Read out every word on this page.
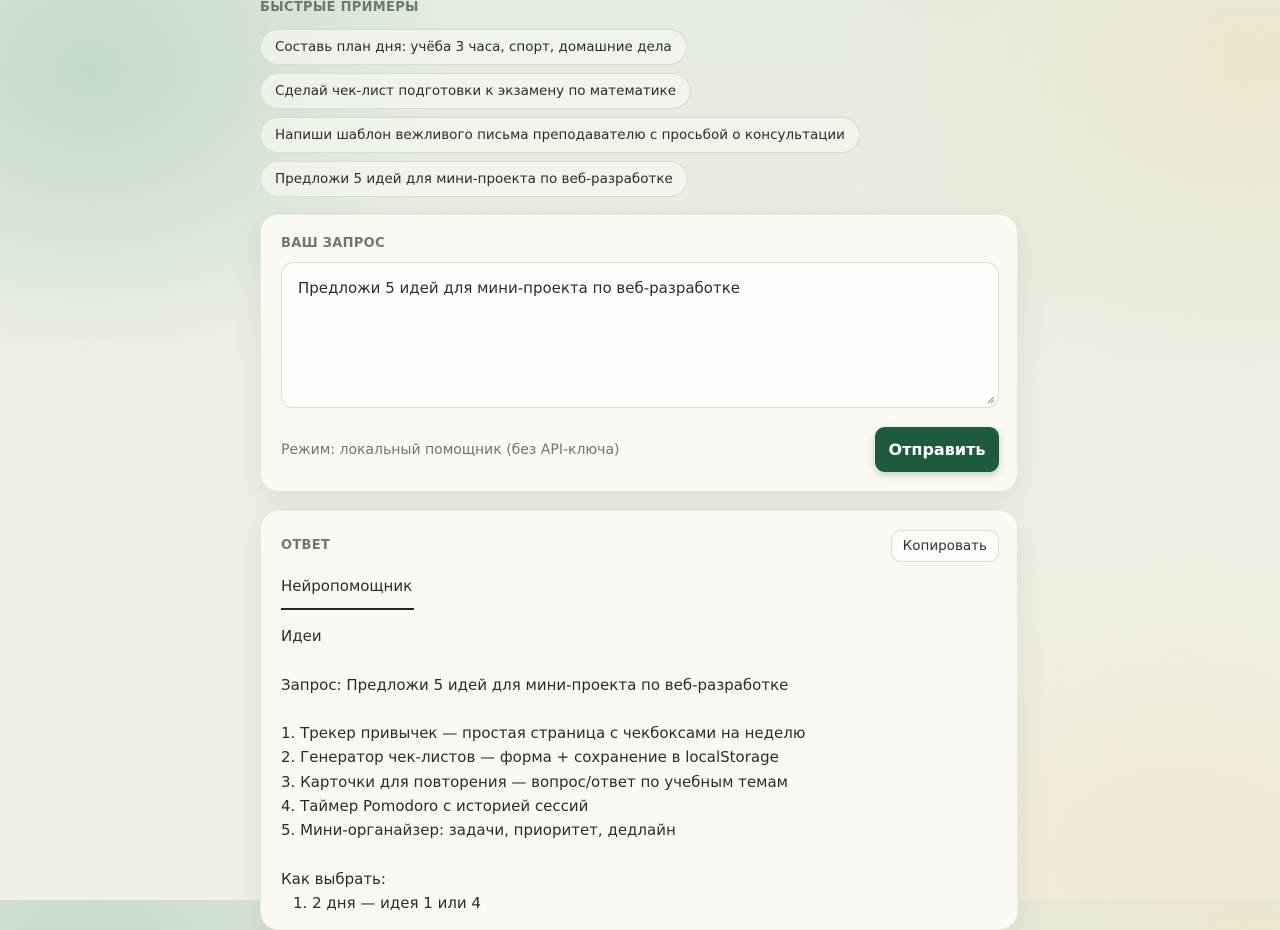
БЫСТРЫЕ ПРИМЕРЫ
Составь план дня: учёба 3 часа, спорт, домашние дела
Сделай чек-лист подготовки к экзамену по математике
Напиши шаблон вежливого письма преподавателю с просьбой о консультации
Предложи 5 идей для мини-проекта по веб-разработке
ВАШ ЗАПРОС
Предложи 5 идей для мини-проекта по веб-разработке
Режим: локальный помощник (без API-ключа)	Отправить
ОТВЕТ	Копировать
Нейропомощник
Идеи
Запрос: Предложи 5 идей для мини-проекта по веб-разработке
1. Трекер привычек — простая страница с чекбоксами на неделю
2. Генератор чек-листов — форма + сохранение в localStorage
3. Карточки для повторения — вопрос/ответ по учебным темам
4. Таймер Pomodoro с историей сессий
5. Мини-органайзер: задачи, приоритет, дедлайн
Как выбрать:
1. 2 дня — идея 1 или 4
